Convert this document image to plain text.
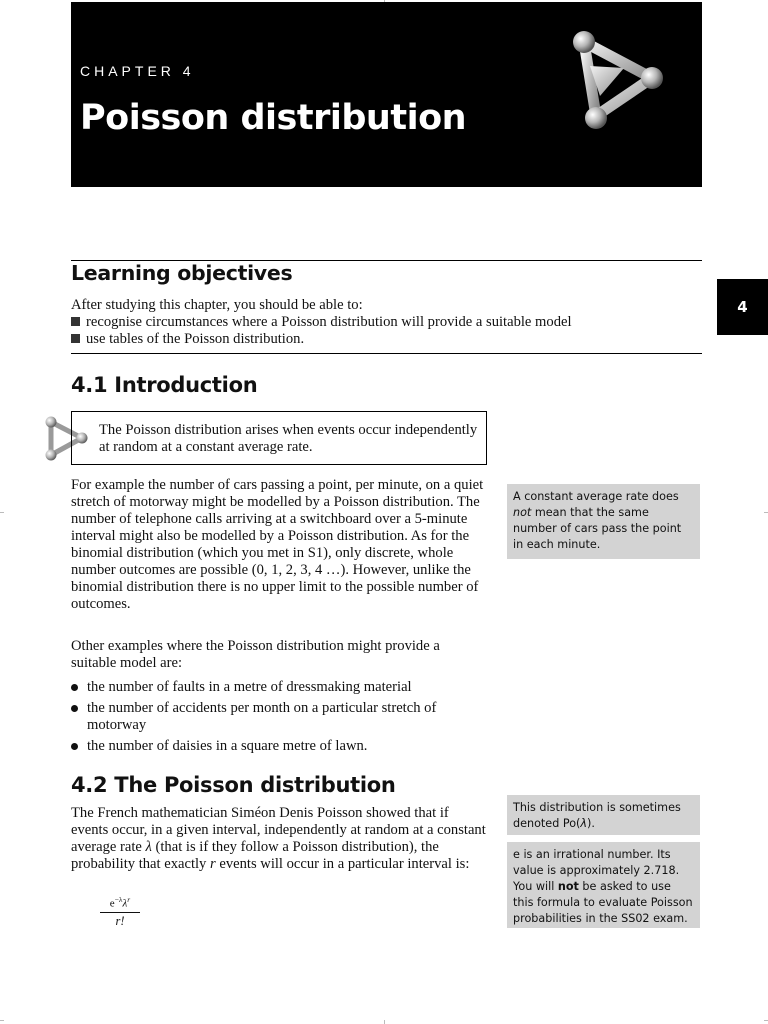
CHAPTER 4
Poisson distribution
4
Learning objectives
After studying this chapter, you should be able to:
recognise circumstances where a Poisson distribution will provide a suitable model
use tables of the Poisson distribution.
4.1 Introduction
The Poisson distribution arises when events occur independently at random at a constant average rate.
For example the number of cars passing a point, per minute, on a quiet stretch of motorway might be modelled by a Poisson distribution. The number of telephone calls arriving at a switchboard over a 5-minute interval might also be modelled by a Poisson distribution. As for the binomial distribution (which you met in S1), only discrete, whole number outcomes are possible (0, 1, 2, 3, 4 …). However, unlike the binomial distribution there is no upper limit to the possible number of outcomes.
Other examples where the Poisson distribution might provide a suitable model are:
the number of faults in a metre of dressmaking material
the number of accidents per month on a particular stretch of motorway
the number of daisies in a square metre of lawn.
A constant average rate does not mean that the same number of cars pass the point in each minute.
4.2 The Poisson distribution
The French mathematician Siméon Denis Poisson showed that if events occur, in a given interval, independently at random at a constant average rate λ (that is if they follow a Poisson distribution), the probability that exactly r events will occur in a particular interval is:
$e^{-\lambda}\lambda^r$
r!
This distribution is sometimes denoted Po(λ).
e is an irrational number. Its value is approximately 2.718. You will not be asked to use this formula to evaluate Poisson probabilities in the SS02 exam.
